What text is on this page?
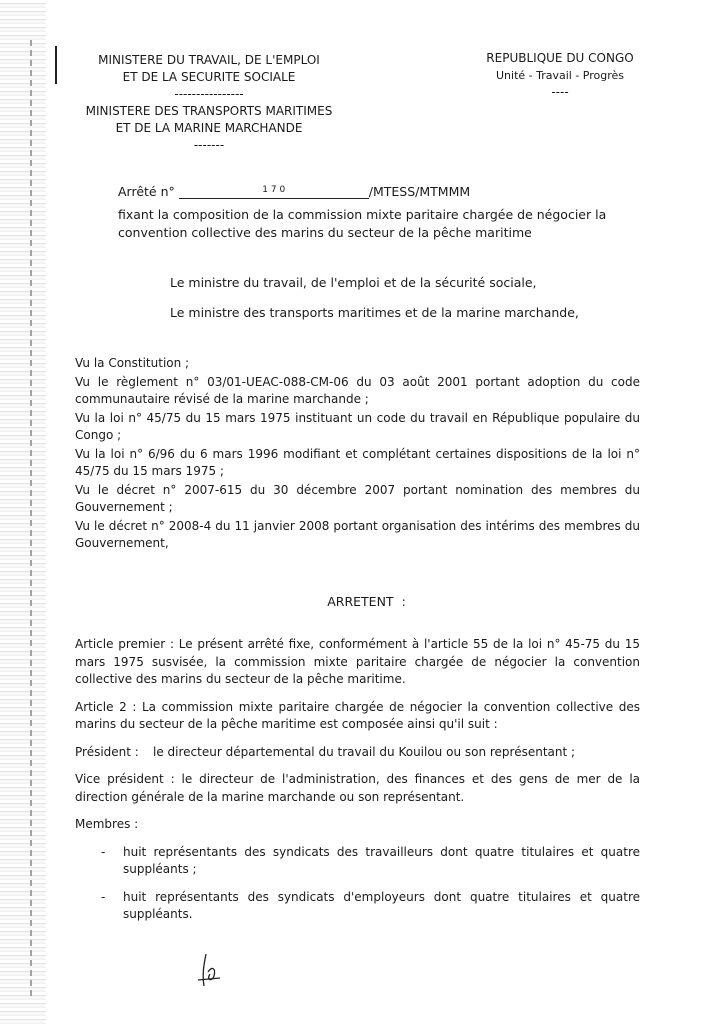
MINISTERE DU TRAVAIL, DE L'EMPLOI
ET DE LA SECURITE SOCIALE
----------------
MINISTERE DES TRANSPORTS MARITIMES
ET DE LA MARINE MARCHANDE
-------
REPUBLIQUE DU CONGO
Unité - Travail - Progrès
----
Arrêté n°	$^{1 7 0}$	/MTESS/MTMMM
fixant la composition de la commission mixte paritaire chargée de négocier la convention collective des marins du secteur de la pêche maritime
Le ministre du travail, de l'emploi et de la sécurité sociale,
Le ministre des transports maritimes et de la marine marchande,

Vu la Constitution ;

Vu le règlement n° 03/01-UEAC-088-CM-06 du 03 août 2001 portant adoption du code communautaire révisé de la marine marchande ;

Vu la loi n° 45/75 du 15 mars 1975 instituant un code du travail en République populaire du Congo ;

Vu la loi n° 6/96 du 6 mars 1996 modifiant et complétant certaines dispositions de la loi n° 45/75 du 15 mars 1975 ;

Vu le décret n° 2007-615 du 30 décembre 2007 portant nomination des membres du Gouvernement ;

Vu le décret n° 2008-4 du 11 janvier 2008 portant organisation des intérims des membres du Gouvernement,

ARRETENT :

Article premier : Le présent arrêté fixe, conformément à l'article 55 de la loi n° 45-75 du 15 mars 1975 susvisée, la commission mixte paritaire chargée de négocier la convention collective des marins du secteur de la pêche maritime.

Article 2 : La commission mixte paritaire chargée de négocier la convention collective des marins du secteur de la pêche maritime est composée ainsi qu'il suit :

Président :	le directeur départemental du travail du Kouilou ou son représentant ;

Vice président : le directeur de l'administration, des finances et des gens de mer de la direction générale de la marine marchande ou son représentant.

Membres :
- huit représentants des syndicats des travailleurs dont quatre titulaires et quatre suppléants ;
- huit représentants des syndicats d'employeurs dont quatre titulaires et quatre suppléants.
